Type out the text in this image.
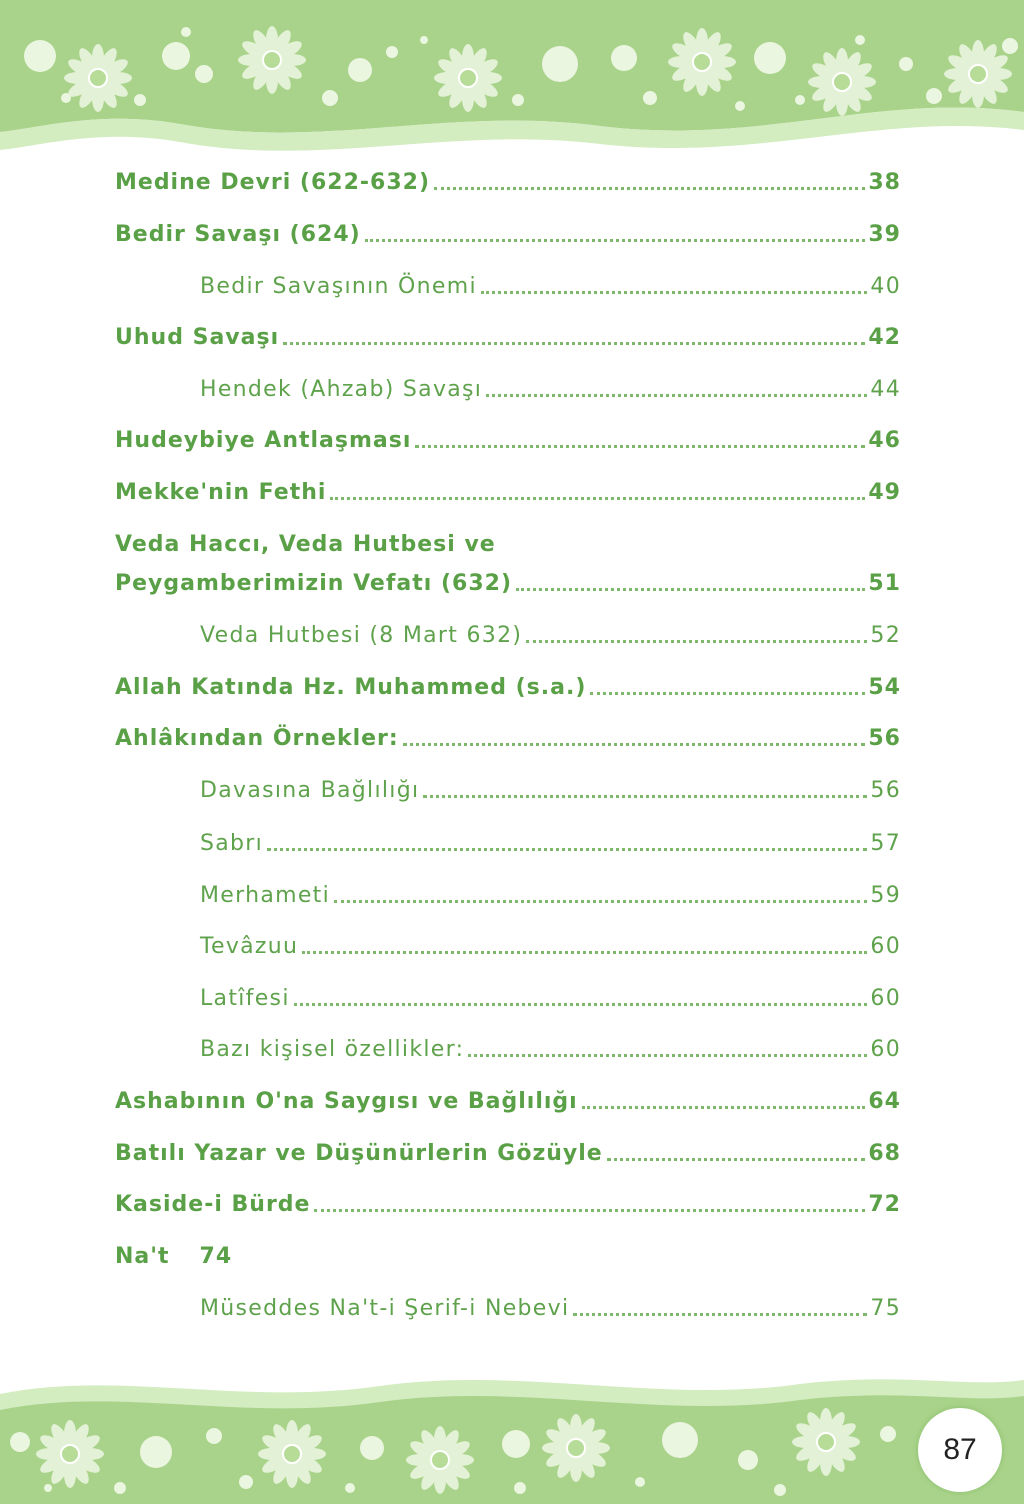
Medine Devri (622-632)	38
Bedir Savaşı (624)	39
Bedir Savaşının Önemi	40
Uhud Savaşı	42
Hendek (Ahzab) Savaşı	44
Hudeybiye Antlaşması	46
Mekke'nin Fethi	49
Veda Haccı, Veda Hutbesi ve
Peygamberimizin Vefatı (632)	51
Veda Hutbesi (8 Mart 632)	52
Allah Katında Hz. Muhammed (s.a.)	54
Ahlâkından Örnekler:	56
Davasına Bağlılığı	56
Sabrı	57
Merhameti	59
Tevâzuu	60
Latîfesi	60
Bazı kişisel özellikler:	60
Ashabının O'na Saygısı ve Bağlılığı	64
Batılı Yazar ve Düşünürlerin Gözüyle	68
Kaside-i Bürde	72
Na't 74
Müseddes Na't-i Şerif-i Nebevi	75
87
